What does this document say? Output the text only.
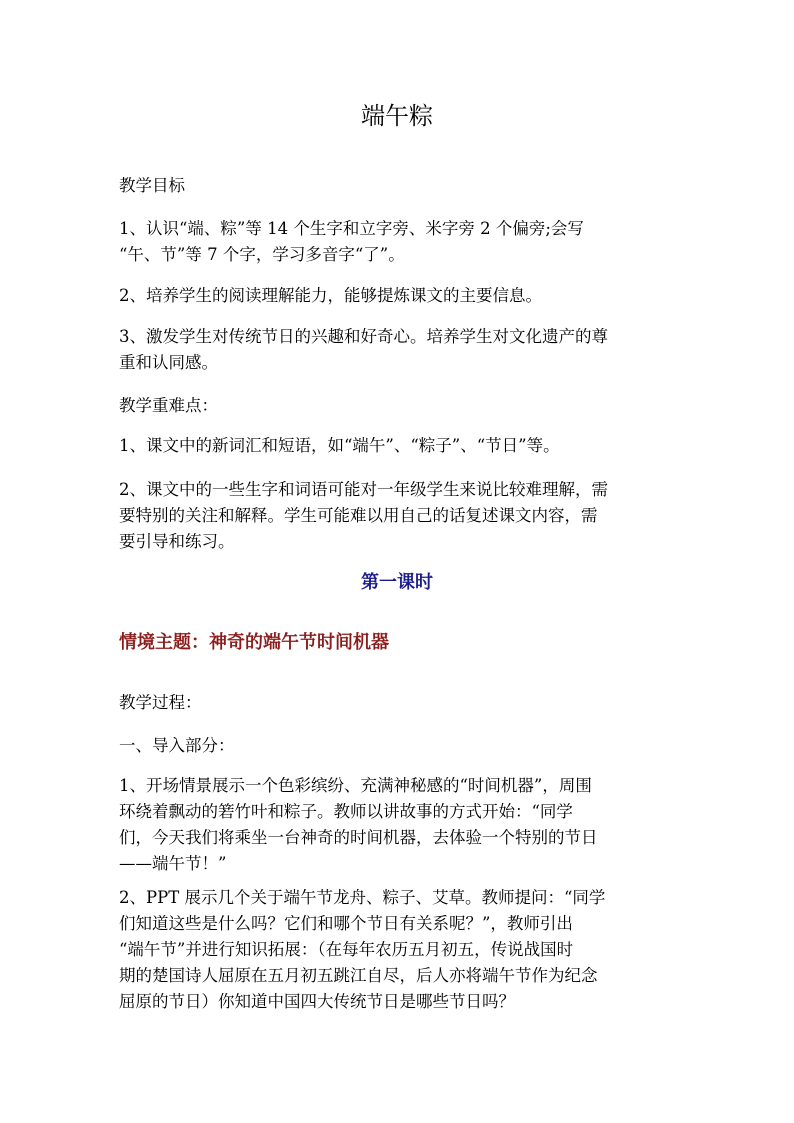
端午粽

教学目标

1、认识“端、粽”等 14 个生字和立字旁、米字旁 2 个偏旁;会写
“午、节”等 7 个字，学习多音字“了”。

2、培养学生的阅读理解能力，能够提炼课文的主要信息。

3、激发学生对传统节日的兴趣和好奇心。培养学生对文化遗产的尊
重和认同感。

教学重难点：

1、课文中的新词汇和短语，如“端午”、“粽子”、“节日”等。

2、课文中的一些生字和词语可能对一年级学生来说比较难理解，需
要特别的关注和解释。学生可能难以用自己的话复述课文内容，需
要引导和练习。

第一课时
情境主题：神奇的端午节时间机器

教学过程：

一、导入部分：

1、开场情景展示一个色彩缤纷、充满神秘感的“时间机器”，周围
环绕着飘动的箬竹叶和粽子。教师以讲故事的方式开始：“同学
们，今天我们将乘坐一台神奇的时间机器，去体验一个特别的节日
——端午节！”

2、PPT 展示几个关于端午节龙舟、粽子、艾草。教师提问：“同学
们知道这些是什么吗？它们和哪个节日有关系呢？”，教师引出
“端午节”并进行知识拓展：（在每年农历五月初五，传说战国时
期的楚国诗人屈原在五月初五跳江自尽，后人亦将端午节作为纪念
屈原的节日）你知道中国四大传统节日是哪些节日吗？
